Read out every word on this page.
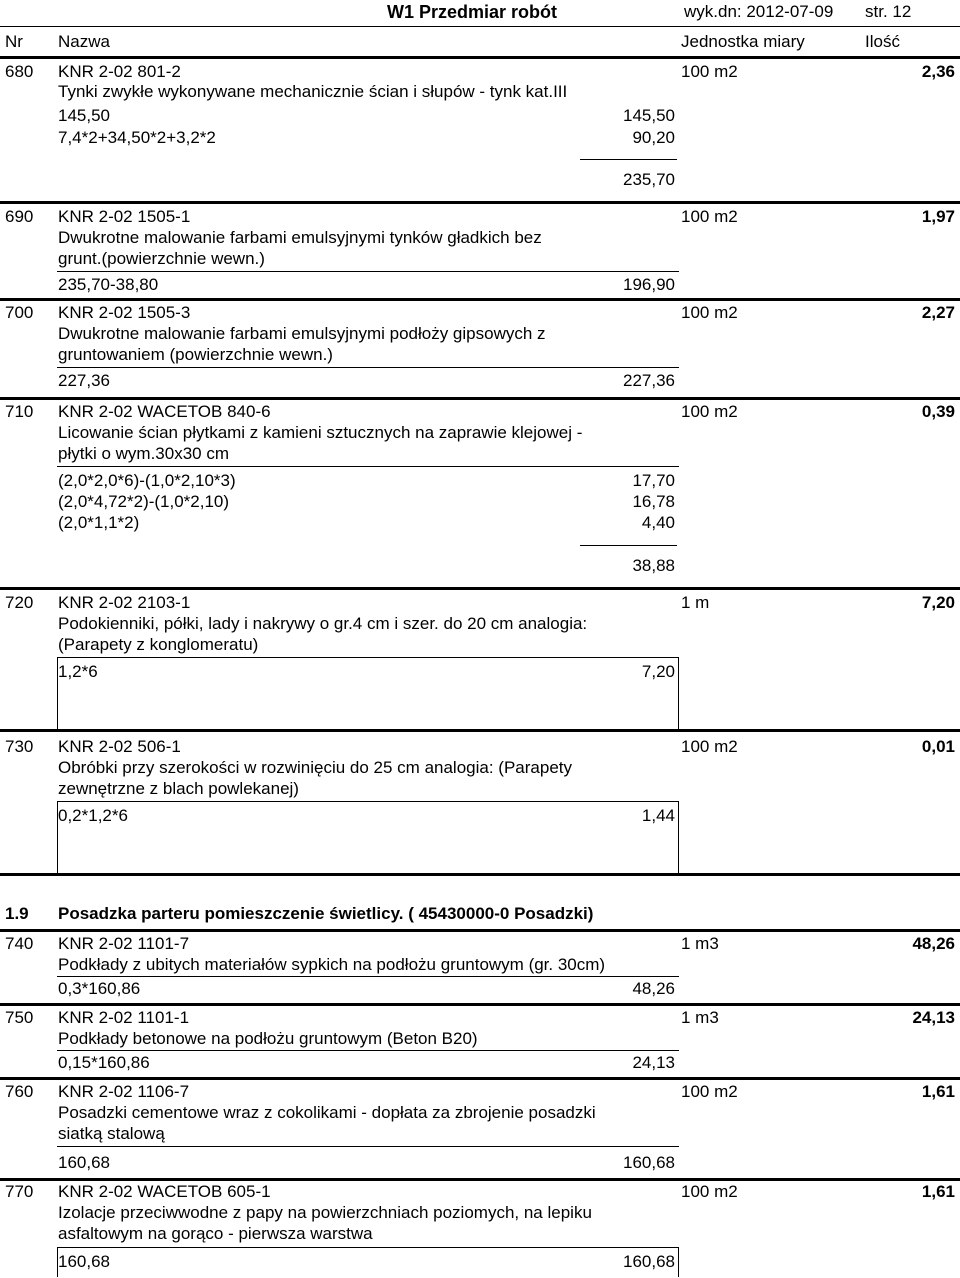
W1 Przedmiar robót	wyk.dn: 2012-07-09 str. 12
Nr Nazwa	Jednostka miary	Ilość
680 KNR 2-02 801-2
Tynki zwykłe wykonywane mechanicznie ścian i słupów - tynk kat.III
100 m2	2,36
145,50	145,50
7,4*2+34,50*2+3,2*2	90,20
235,70
690 KNR 2-02 1505-1
Dwukrotne malowanie farbami emulsyjnymi tynków gładkich bez
grunt.(powierzchnie wewn.)
100 m2	1,97
235,70-38,80	196,90
700 KNR 2-02 1505-3
Dwukrotne malowanie farbami emulsyjnymi podłoży gipsowych z
gruntowaniem (powierzchnie wewn.)
100 m2	2,27
227,36	227,36
710 KNR 2-02 WACETOB 840-6
Licowanie ścian płytkami z kamieni sztucznych na zaprawie klejowej -
płytki o wym.30x30 cm
100 m2	0,39
(2,0*2,0*6)-(1,0*2,10*3)	17,70
(2,0*4,72*2)-(1,0*2,10)	16,78
(2,0*1,1*2)	4,40
38,88
720 KNR 2-02 2103-1
Podokienniki, półki, lady i nakrywy o gr.4 cm i szer. do 20 cm analogia:
(Parapety z konglomeratu)
1 m	7,20
1,2*6	7,20
730 KNR 2-02 506-1
Obróbki przy szerokości w rozwinięciu do 25 cm analogia: (Parapety
zewnętrzne z blach powlekanej)
100 m2	0,01
0,2*1,2*6	1,44
1.9 Posadzka parteru pomieszczenie świetlicy. ( 45430000-0 Posadzki)
740 KNR 2-02 1101-7
Podkłady z ubitych materiałów sypkich na podłożu gruntowym (gr. 30cm)
1 m3	48,26
0,3*160,86	48,26
750 KNR 2-02 1101-1
Podkłady betonowe na podłożu gruntowym (Beton B20)
1 m3	24,13
0,15*160,86	24,13
760 KNR 2-02 1106-7
Posadzki cementowe wraz z cokolikami - dopłata za zbrojenie posadzki
siatką stalową
100 m2	1,61
160,68	160,68
770 KNR 2-02 WACETOB 605-1
Izolacje przeciwwodne z papy na powierzchniach poziomych, na lepiku
asfaltowym na gorąco - pierwsza warstwa
100 m2	1,61
160,68	160,68
